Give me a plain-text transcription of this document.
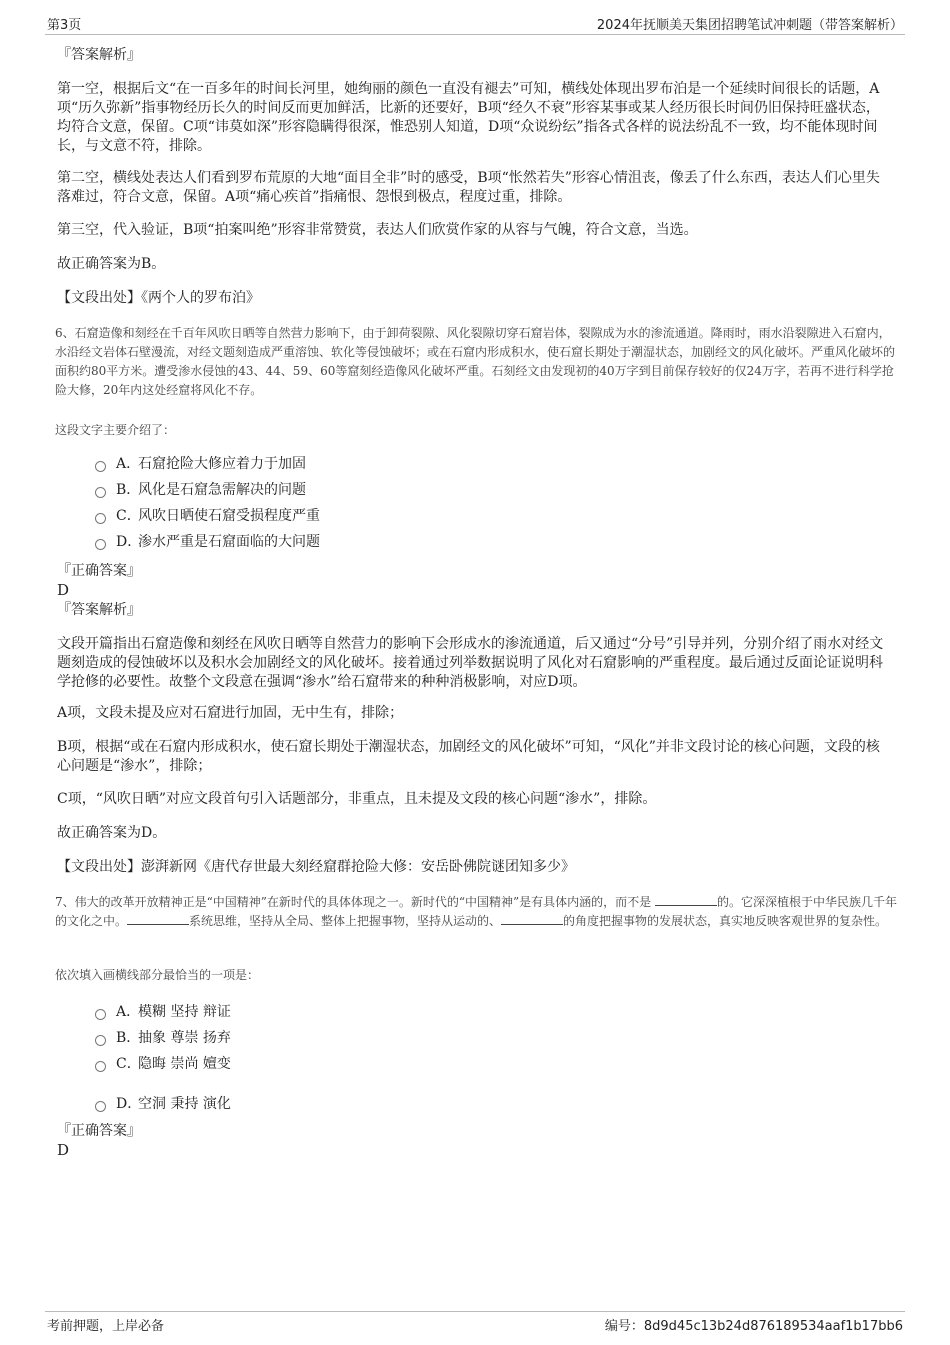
第3页	2024年抚顺美天集团招聘笔试冲刺题（带答案解析）
『答案解析』

第一空，根据后文“在一百多年的时间长河里，她绚丽的颜色一直没有褪去”可知，横线处体现出罗布泊是一个延续时间很长的话题，A项“历久弥新”指事物经历长久的时间反而更加鲜活，比新的还要好，B项“经久不衰”形容某事或某人经历很长时间仍旧保持旺盛状态，均符合文意，保留。C项“讳莫如深”形容隐瞒得很深，惟恐别人知道，D项“众说纷纭”指各式各样的说法纷乱不一致，均不能体现时间长，与文意不符，排除。

第二空，横线处表达人们看到罗布荒原的大地“面目全非”时的感受，B项“怅然若失”形容心情沮丧，像丢了什么东西，表达人们心里失落难过，符合文意，保留。A项“痛心疾首”指痛恨、怨恨到极点，程度过重，排除。

第三空，代入验证，B项“拍案叫绝”形容非常赞赏，表达人们欣赏作家的从容与气魄，符合文意，当选。

故正确答案为B。

【文段出处】《两个人的罗布泊》

6、石窟造像和刻经在千百年风吹日晒等自然营力影响下，由于卸荷裂隙、风化裂隙切穿石窟岩体，裂隙成为水的渗流通道。降雨时，雨水沿裂隙进入石窟内，水沿经文岩体石壁漫流，对经文题刻造成严重溶蚀、软化等侵蚀破坏；或在石窟内形成积水，使石窟长期处于潮湿状态，加剧经文的风化破坏。严重风化破坏的面积约80平方米。遭受渗水侵蚀的43、44、59、60等窟刻经造像风化破坏严重。石刻经文由发现初的40万字到目前保存较好的仅24万字，若再不进行科学抢险大修，20年内这处经窟将风化不存。

这段文字主要介绍了：

A．
石窟抢险大修应着力于加固
B．
风化是石窟急需解决的问题
C．
风吹日晒使石窟受损程度严重
D．
渗水严重是石窟面临的大问题
『正确答案』
D
『答案解析』

文段开篇指出石窟造像和刻经在风吹日晒等自然营力的影响下会形成水的渗流通道，后又通过“分号”引导并列，分别介绍了雨水对经文题刻造成的侵蚀破坏以及积水会加剧经文的风化破坏。接着通过列举数据说明了风化对石窟影响的严重程度。最后通过反面论证说明科学抢修的必要性。故整个文段意在强调“渗水”给石窟带来的种种消极影响，对应D项。

A项，文段未提及应对石窟进行加固，无中生有，排除；

B项，根据“或在石窟内形成积水，使石窟长期处于潮湿状态，加剧经文的风化破坏”可知，“风化”并非文段讨论的核心问题，文段的核心问题是“渗水”，排除；

C项，“风吹日晒”对应文段首句引入话题部分，非重点，且未提及文段的核心问题“渗水”，排除。

故正确答案为D。

【文段出处】澎湃新网《唐代存世最大刻经窟群抢险大修：安岳卧佛院谜团知多少》

7、伟大的改革开放精神正是“中国精神”在新时代的具体体现之一。新时代的“中国精神”是有具体内涵的，而不是	的。它深深植根于中华民族几千年的文化之中。	系统思维，坚持从全局、整体上把握事物，坚持从运动的、	的角度把握事物的发展状态，真实地反映客观世界的复杂性。

依次填入画横线部分最恰当的一项是：

A．
模糊 坚持 辩证
B．
抽象 尊崇 扬弃
C．
隐晦 崇尚 嬗变
D．
空洞 秉持 演化
『正确答案』
D
考前押题，上岸必备	编号：8d9d45c13b24d876189534aaf1b17bb6
